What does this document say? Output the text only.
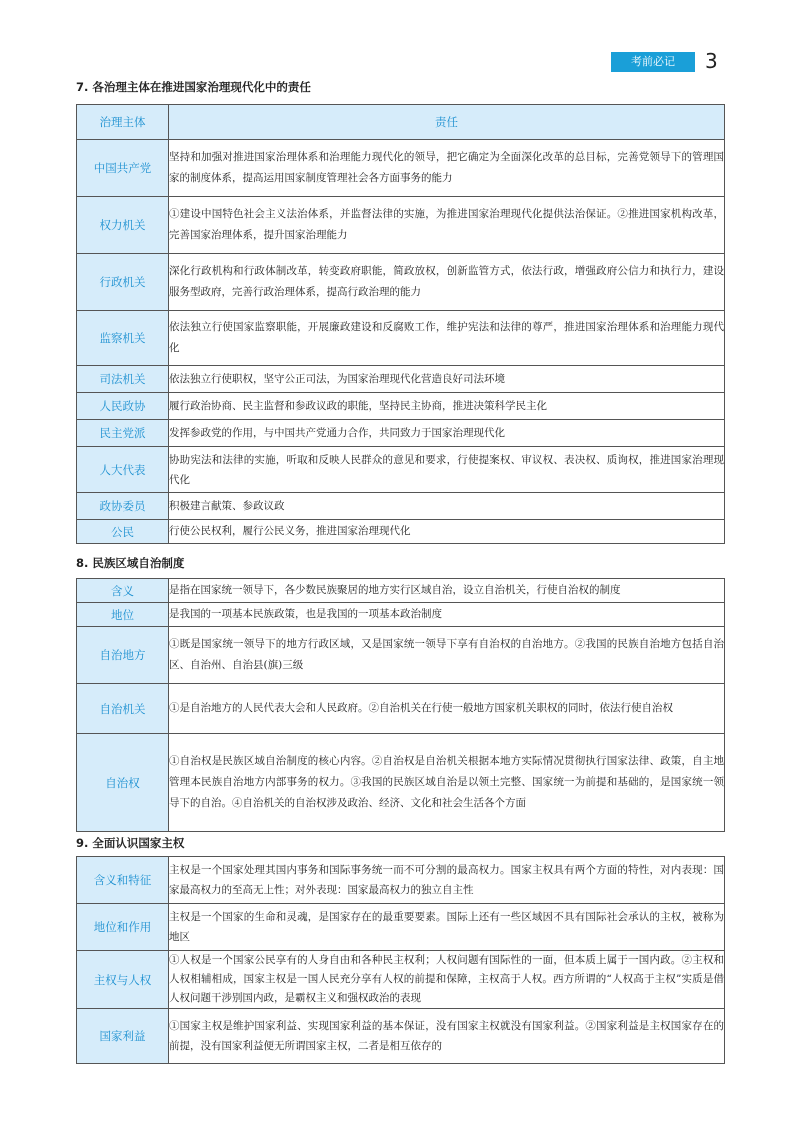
考前必记	3
7. 各治理主体在推进国家治理现代化中的责任
治理主体	责任
中国共产党	坚持和加强对推进国家治理体系和治理能力现代化的领导，把它确定为全面深化改革的总目标，完善党领导下的管理国家的制度体系，提高运用国家制度管理社会各方面事务的能力
权力机关	①建设中国特色社会主义法治体系，并监督法律的实施，为推进国家治理现代化提供法治保证。②推进国家机构改革，完善国家治理体系，提升国家治理能力
行政机关	深化行政机构和行政体制改革，转变政府职能，简政放权，创新监管方式，依法行政，增强政府公信力和执行力，建设服务型政府，完善行政治理体系，提高行政治理的能力
监察机关	依法独立行使国家监察职能，开展廉政建设和反腐败工作，维护宪法和法律的尊严，推进国家治理体系和治理能力现代化
司法机关	依法独立行使职权，坚守公正司法，为国家治理现代化营造良好司法环境
人民政协	履行政治协商、民主监督和参政议政的职能，坚持民主协商，推进决策科学民主化
民主党派	发挥参政党的作用，与中国共产党通力合作，共同致力于国家治理现代化
人大代表	协助宪法和法律的实施，听取和反映人民群众的意见和要求，行使提案权、审议权、表决权、质询权，推进国家治理现代化
政协委员	积极建言献策、参政议政
公民	行使公民权利，履行公民义务，推进国家治理现代化
8. 民族区域自治制度
含义	是指在国家统一领导下，各少数民族聚居的地方实行区域自治，设立自治机关，行使自治权的制度
地位	是我国的一项基本民族政策，也是我国的一项基本政治制度
自治地方	①既是国家统一领导下的地方行政区域，又是国家统一领导下享有自治权的自治地方。②我国的民族自治地方包括自治区、自治州、自治县(旗)三级
自治机关	①是自治地方的人民代表大会和人民政府。②自治机关在行使一般地方国家机关职权的同时，依法行使自治权
自治权	①自治权是民族区域自治制度的核心内容。②自治权是自治机关根据本地方实际情况贯彻执行国家法律、政策，自主地管理本民族自治地方内部事务的权力。③我国的民族区域自治是以领土完整、国家统一为前提和基础的，是国家统一领导下的自治。④自治机关的自治权涉及政治、经济、文化和社会生活各个方面
9. 全面认识国家主权
含义和特征	主权是一个国家处理其国内事务和国际事务统一而不可分割的最高权力。国家主权具有两个方面的特性，对内表现：国家最高权力的至高无上性；对外表现：国家最高权力的独立自主性
地位和作用	主权是一个国家的生命和灵魂，是国家存在的最重要要素。国际上还有一些区域因不具有国际社会承认的主权，被称为地区
主权与人权	①人权是一个国家公民享有的人身自由和各种民主权利；人权问题有国际性的一面，但本质上属于一国内政。②主权和人权相辅相成，国家主权是一国人民充分享有人权的前提和保障，主权高于人权。西方所谓的“人权高于主权”实质是借人权问题干涉别国内政，是霸权主义和强权政治的表现
国家利益	①国家主权是维护国家利益、实现国家利益的基本保证，没有国家主权就没有国家利益。②国家利益是主权国家存在的前提，没有国家利益便无所谓国家主权，二者是相互依存的
